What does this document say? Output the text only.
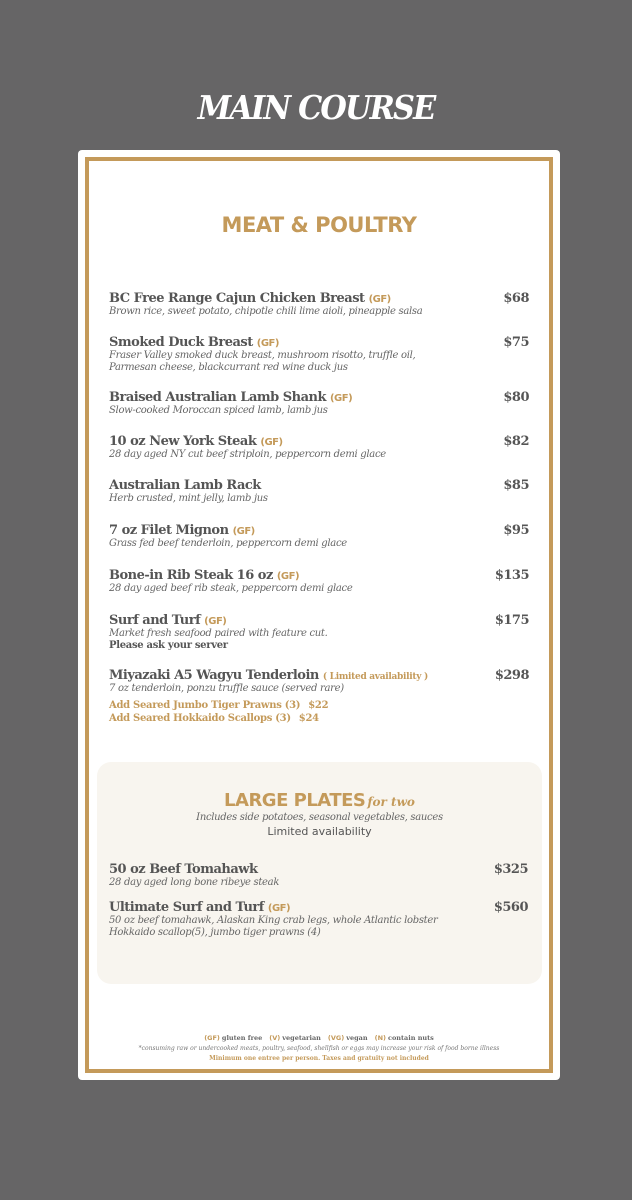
MAIN COURSE
MEAT & POULTRY
BC Free Range Cajun Chicken Breast (GF)
Brown rice, sweet potato, chipotle chili lime aioli, pineapple salsa
$68
Smoked Duck Breast (GF)
Fraser Valley smoked duck breast, mushroom risotto, truffle oil,
Parmesan cheese, blackcurrant red wine duck jus
$75
Braised Australian Lamb Shank (GF)
Slow-cooked Moroccan spiced lamb, lamb jus
$80
10 oz New York Steak (GF)
28 day aged NY cut beef striploin, peppercorn demi glace
$82
Australian Lamb Rack
Herb crusted, mint jelly, lamb jus
$85
7 oz Filet Mignon (GF)
Grass fed beef tenderloin, peppercorn demi glace
$95
Bone-in Rib Steak 16 oz (GF)
28 day aged beef rib steak, peppercorn demi glace
$135
Surf and Turf (GF)
Market fresh seafood paired with feature cut.
Please ask your server
$175
Miyazaki A5 Wagyu Tenderloin ( Limited availability )
7 oz tenderloin, ponzu truffle sauce (served rare)
Add Seared Jumbo Tiger Prawns (3) $22
Add Seared Hokkaido Scallops (3) $24
$298
LARGE PLATES for two
Includes side potatoes, seasonal vegetables, sauces
Limited availability
50 oz Beef Tomahawk
28 day aged long bone ribeye steak
$325
Ultimate Surf and Turf (GF)
50 oz beef tomahawk, Alaskan King crab legs, whole Atlantic lobster
Hokkaido scallop(5), jumbo tiger prawns (4)
$560
(GF) gluten free (V) vegetarian (VG) vegan (N) contain nuts
*consuming raw or undercooked meats, poultry, seafood, shellfish or eggs may increase your risk of food borne illness
Minimum one entree per person. Taxes and gratuity not included
